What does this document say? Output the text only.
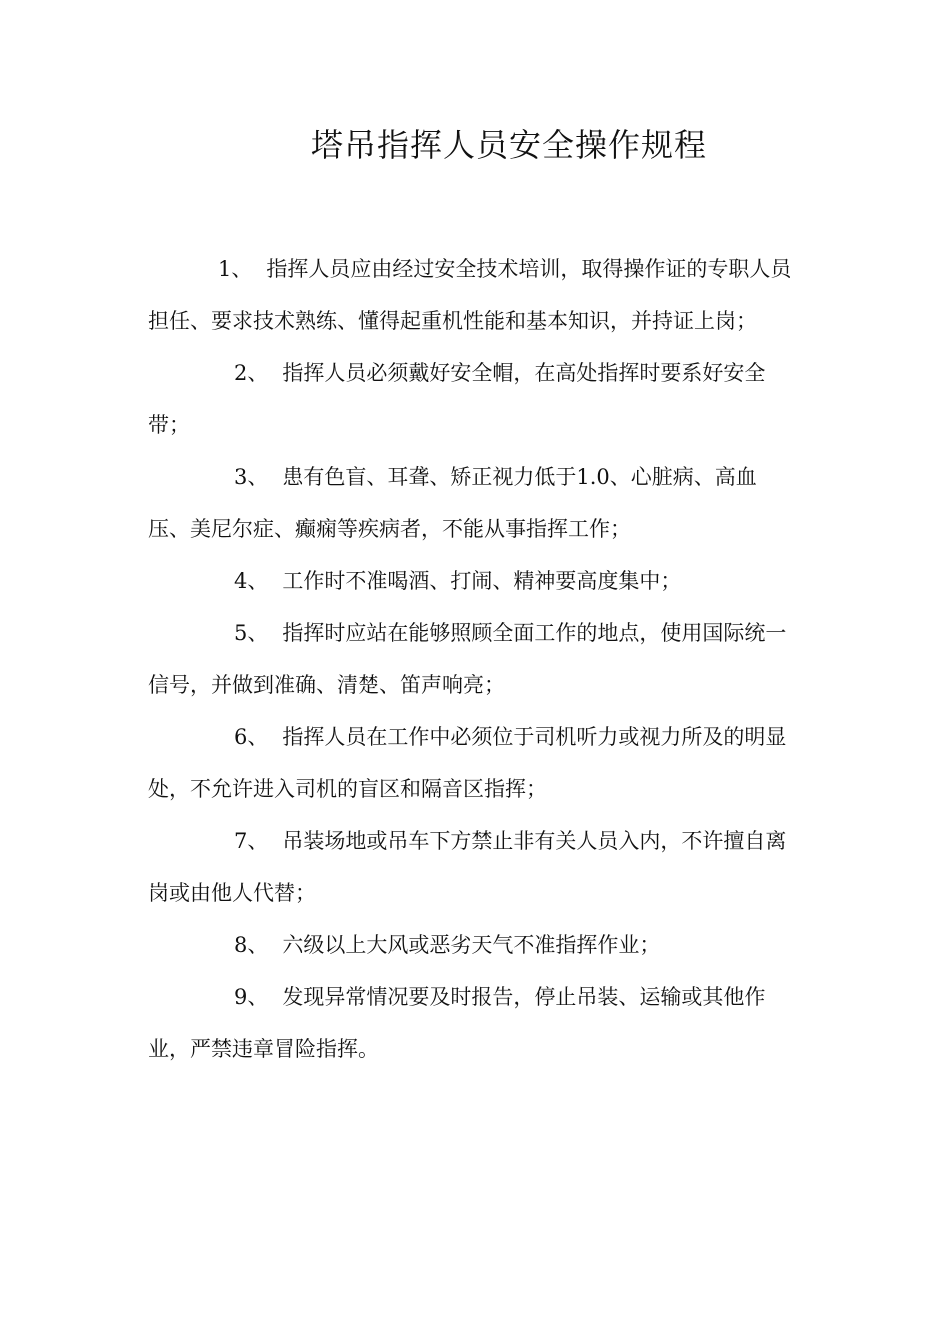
塔吊指挥人员安全操作规程

1、 指挥人员应由经过安全技术培训，取得操作证的专职人员担任、要求技术熟练、懂得起重机性能和基本知识，并持证上岗；

2、 指挥人员必须戴好安全帽，在高处指挥时要系好安全带；

3、 患有色盲、耳聋、矫正视力低于1.0、心脏病、高血压、美尼尔症、癫痫等疾病者，不能从事指挥工作；

4、 工作时不准喝酒、打闹、精神要高度集中；

5、 指挥时应站在能够照顾全面工作的地点，使用国际统一信号，并做到准确、清楚、笛声响亮；

6、 指挥人员在工作中必须位于司机听力或视力所及的明显处，不允许进入司机的盲区和隔音区指挥；

7、 吊装场地或吊车下方禁止非有关人员入内，不许擅自离岗或由他人代替；

8、 六级以上大风或恶劣天气不准指挥作业；

9、 发现异常情况要及时报告，停止吊装、运输或其他作业，严禁违章冒险指挥。
